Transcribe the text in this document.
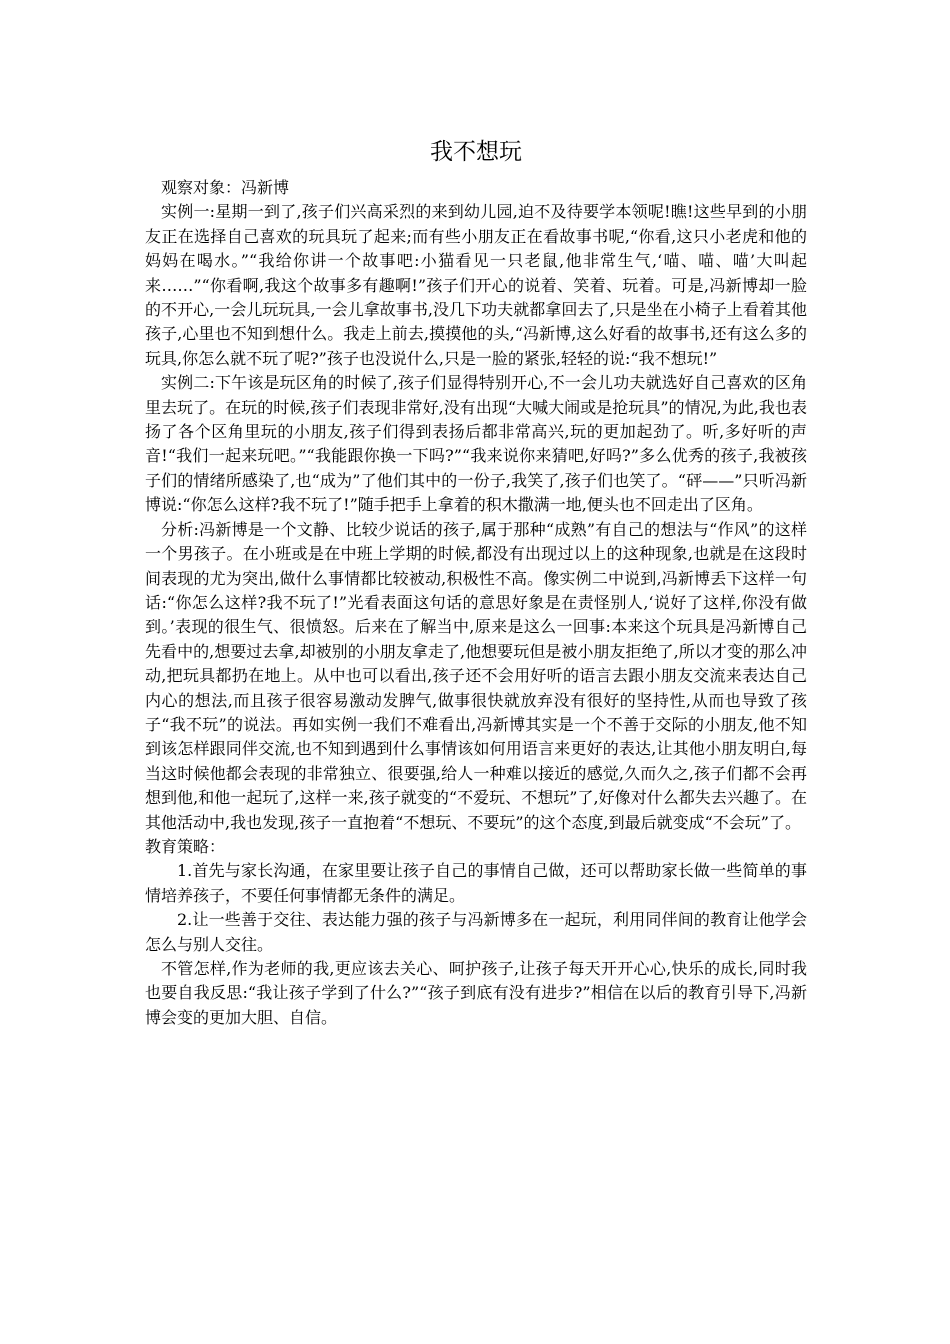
我不想玩

观察对象：冯新博

实例一:星期一到了,孩子们兴高采烈的来到幼儿园,迫不及待要学本领呢!瞧!这些早到的小朋友正在选择自己喜欢的玩具玩了起来;而有些小朋友正在看故事书呢,“你看,这只小老虎和他的妈妈在喝水。”“我给你讲一个故事吧:小猫看见一只老鼠,他非常生气,‘喵、喵、喵’大叫起来……”“你看啊,我这个故事多有趣啊!”孩子们开心的说着、笑着、玩着。可是,冯新博却一脸的不开心,一会儿玩玩具,一会儿拿故事书,没几下功夫就都拿回去了,只是坐在小椅子上看着其他孩子,心里也不知到想什么。我走上前去,摸摸他的头,“冯新博,这么好看的故事书,还有这么多的玩具,你怎么就不玩了呢?”孩子也没说什么,只是一脸的紧张,轻轻的说:“我不想玩!”

实例二:下午该是玩区角的时候了,孩子们显得特别开心,不一会儿功夫就选好自己喜欢的区角里去玩了。在玩的时候,孩子们表现非常好,没有出现“大喊大闹或是抢玩具”的情况,为此,我也表扬了各个区角里玩的小朋友,孩子们得到表扬后都非常高兴,玩的更加起劲了。听,多好听的声音!“我们一起来玩吧。”“我能跟你换一下吗?”“我来说你来猜吧,好吗?”多么优秀的孩子,我被孩子们的情绪所感染了,也“成为”了他们其中的一份子,我笑了,孩子们也笑了。“砰——”只听冯新博说:“你怎么这样?我不玩了!”随手把手上拿着的积木撒满一地,便头也不回走出了区角。

分析:冯新博是一个文静、比较少说话的孩子,属于那种“成熟”有自己的想法与“作风”的这样一个男孩子。在小班或是在中班上学期的时候,都没有出现过以上的这种现象,也就是在这段时间表现的尤为突出,做什么事情都比较被动,积极性不高。像实例二中说到,冯新博丢下这样一句话:“你怎么这样?我不玩了!”光看表面这句话的意思好象是在责怪别人,‘说好了这样,你没有做到。’表现的很生气、很愤怒。后来在了解当中,原来是这么一回事:本来这个玩具是冯新博自己先看中的,想要过去拿,却被别的小朋友拿走了,他想要玩但是被小朋友拒绝了,所以才变的那么冲动,把玩具都扔在地上。从中也可以看出,孩子还不会用好听的语言去跟小朋友交流来表达自己内心的想法,而且孩子很容易激动发脾气,做事很快就放弃没有很好的坚持性,从而也导致了孩子“我不玩”的说法。再如实例一我们不难看出,冯新博其实是一个不善于交际的小朋友,他不知到该怎样跟同伴交流,也不知到遇到什么事情该如何用语言来更好的表达,让其他小朋友明白,每当这时候他都会表现的非常独立、很要强,给人一种难以接近的感觉,久而久之,孩子们都不会再想到他,和他一起玩了,这样一来,孩子就变的“不爱玩、不想玩”了,好像对什么都失去兴趣了。在其他活动中,我也发现,孩子一直抱着“不想玩、不要玩”的这个态度,到最后就变成“不会玩”了。

教育策略：

1.首先与家长沟通，在家里要让孩子自己的事情自己做，还可以帮助家长做一些简单的事情培养孩子，不要任何事情都无条件的满足。

2.让一些善于交往、表达能力强的孩子与冯新博多在一起玩，利用同伴间的教育让他学会怎么与别人交往。

不管怎样,作为老师的我,更应该去关心、呵护孩子,让孩子每天开开心心,快乐的成长,同时我也要自我反思:“我让孩子学到了什么?”“孩子到底有没有进步?”相信在以后的教育引导下,冯新博会变的更加大胆、自信。
